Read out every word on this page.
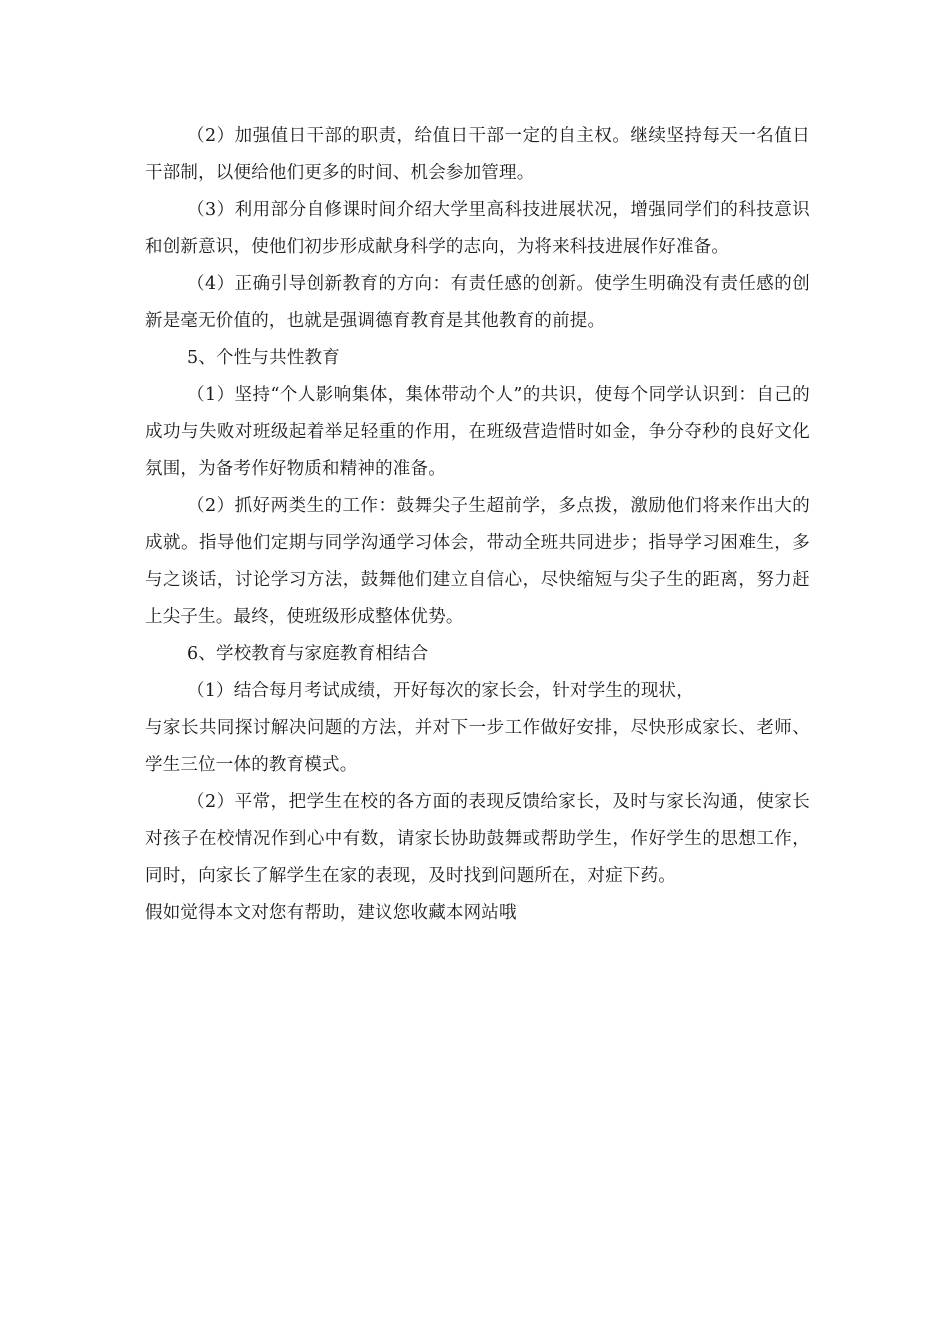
（2）加强值日干部的职责，给值日干部一定的自主权。继续坚持每天一名值日干部制，以便给他们更多的时间、机会参加管理。

（3）利用部分自修课时间介绍大学里高科技进展状况，增强同学们的科技意识和创新意识，使他们初步形成献身科学的志向，为将来科技进展作好准备。

（4）正确引导创新教育的方向：有责任感的创新。使学生明确没有责任感的创新是毫无价值的，也就是强调德育教育是其他教育的前提。

5、个性与共性教育

（1）坚持“个人影响集体，集体带动个人”的共识，使每个同学认识到：自己的成功与失败对班级起着举足轻重的作用，在班级营造惜时如金，争分夺秒的良好文化氛围，为备考作好物质和精神的准备。

（2）抓好两类生的工作：鼓舞尖子生超前学，多点拨，激励他们将来作出大的成就。指导他们定期与同学沟通学习体会，带动全班共同进步；指导学习困难生，多与之谈话，讨论学习方法，鼓舞他们建立自信心，尽快缩短与尖子生的距离，努力赶上尖子生。最终，使班级形成整体优势。

6、学校教育与家庭教育相结合

（1）结合每月考试成绩，开好每次的家长会，针对学生的现状，
与家长共同探讨解决问题的方法，并对下一步工作做好安排，尽快形成家长、老师、学生三位一体的教育模式。

（2）平常，把学生在校的各方面的表现反馈给家长，及时与家长沟通，使家长对孩子在校情况作到心中有数，请家长协助鼓舞或帮助学生，作好学生的思想工作，同时，向家长了解学生在家的表现，及时找到问题所在，对症下药。

假如觉得本文对您有帮助，建议您收藏本网站哦
